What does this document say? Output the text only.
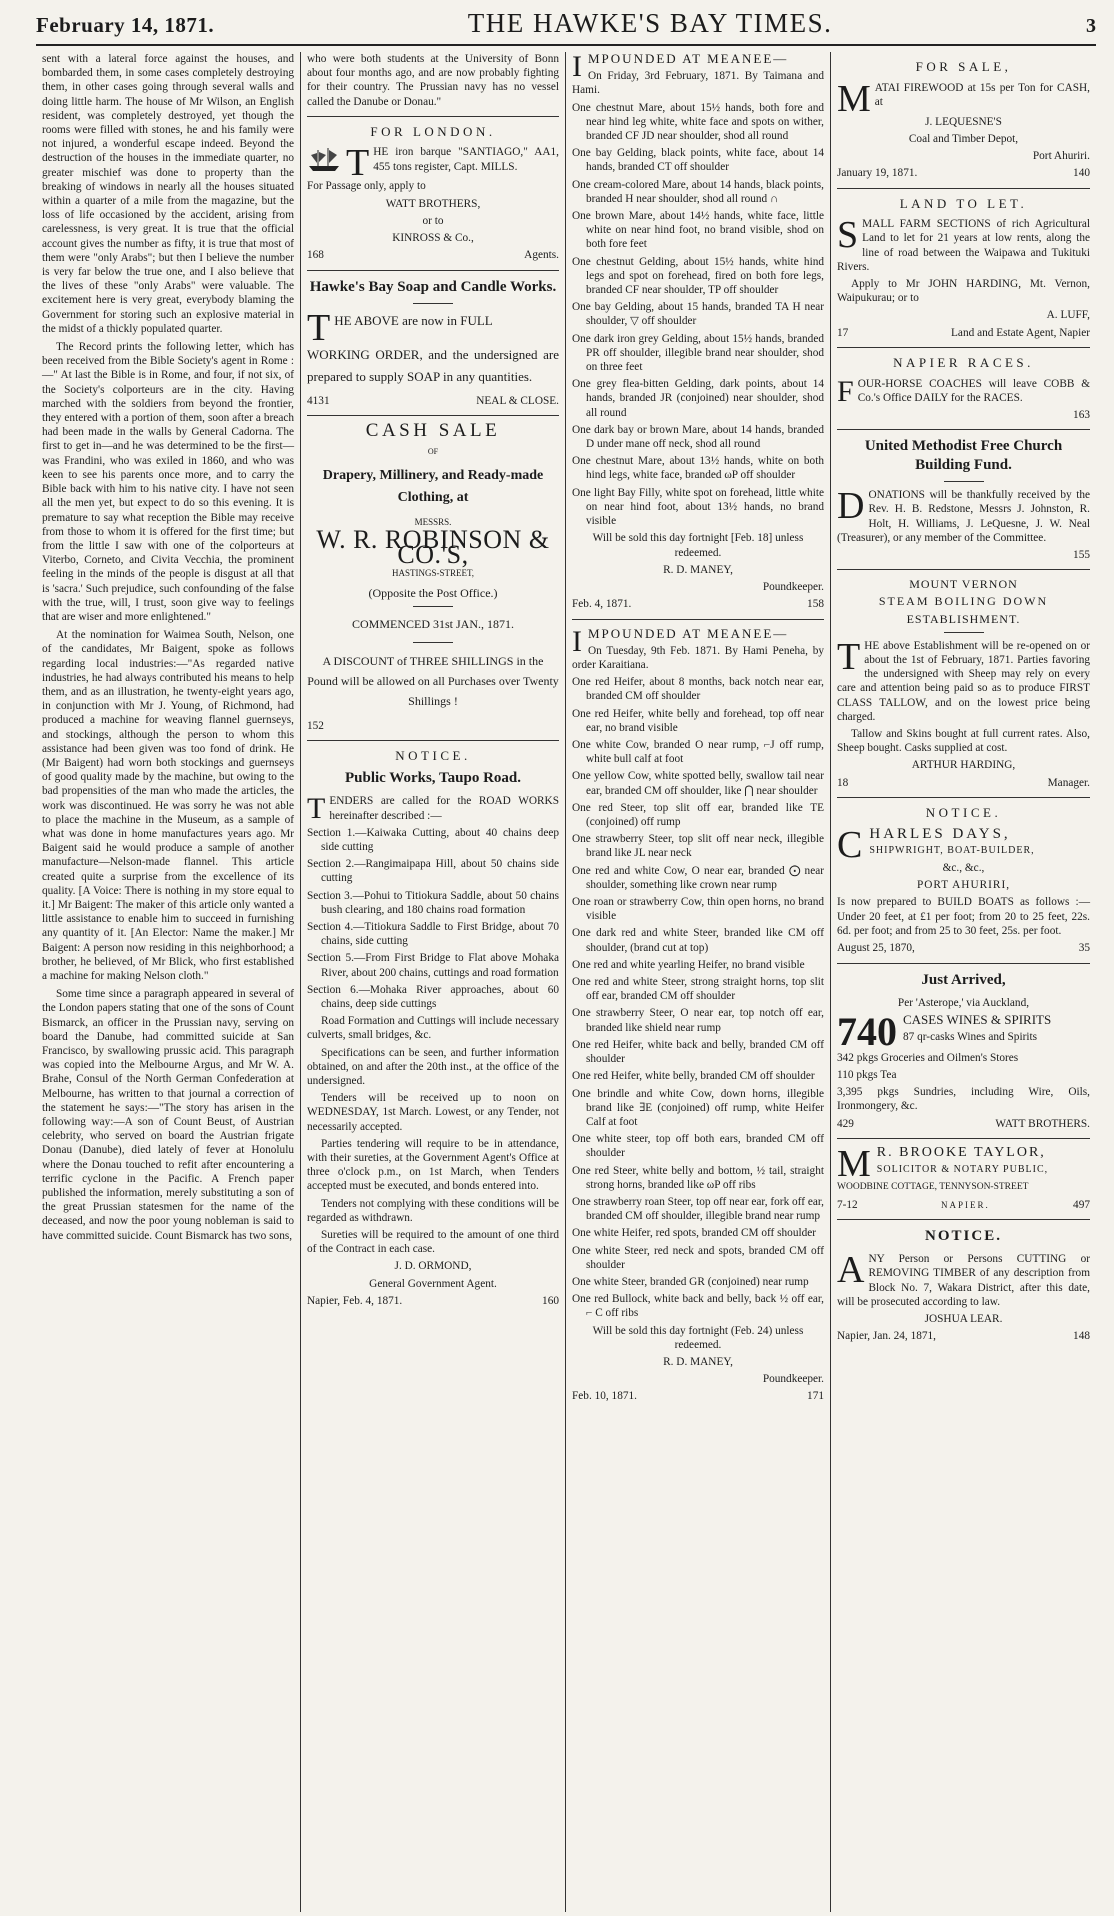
February 14, 1871.	THE HAWKE'S BAY TIMES.	3

sent with a lateral force against the houses, and bombarded them, in some cases completely destroying them, in other cases going through several walls and doing little harm. The house of Mr Wilson, an English resident, was completely destroyed, yet though the rooms were filled with stones, he and his family were not injured, a wonderful escape indeed. Beyond the destruction of the houses in the immediate quarter, no greater mischief was done to property than the breaking of windows in nearly all the houses situated within a quarter of a mile from the magazine, but the loss of life occasioned by the accident, arising from carelessness, is very great. It is true that the official account gives the number as fifty, it is true that most of them were "only Arabs"; but then I believe the number is very far below the true one, and I also believe that the lives of these "only Arabs" were valuable. The excitement here is very great, everybody blaming the Government for storing such an explosive material in the midst of a thickly populated quarter.

The Record prints the following letter, which has been received from the Bible Society's agent in Rome :—" At last the Bible is in Rome, and four, if not six, of the Society's colporteurs are in the city. Having marched with the soldiers from beyond the frontier, they entered with a portion of them, soon after a breach had been made in the walls by General Cadorna. The first to get in—and he was determined to be the first—was Frandini, who was exiled in 1860, and who was keen to see his parents once more, and to carry the Bible back with him to his native city. I have not seen all the men yet, but expect to do so this evening. It is premature to say what reception the Bible may receive from those to whom it is offered for the first time; but from the little I saw with one of the colporteurs at Viterbo, Corneto, and Civita Vecchia, the prominent feeling in the minds of the people is disgust at all that is 'sacra.' Such prejudice, such confounding of the false with the true, will, I trust, soon give way to feelings that are wiser and more enlightened."

At the nomination for Waimea South, Nelson, one of the candidates, Mr Baigent, spoke as follows regarding local industries:—"As regarded native industries, he had always contributed his means to help them, and as an illustration, he twenty-eight years ago, in conjunction with Mr J. Young, of Richmond, had produced a machine for weaving flannel guernseys, and stockings, although the person to whom this assistance had been given was too fond of drink. He (Mr Baigent) had worn both stockings and guernseys of good quality made by the machine, but owing to the bad propensities of the man who made the articles, the work was discontinued. He was sorry he was not able to place the machine in the Museum, as a sample of what was done in home manufactures years ago. Mr Baigent said he would produce a sample of another manufacture—Nelson-made flannel. This article created quite a surprise from the excellence of its quality. [A Voice: There is nothing in my store equal to it.] Mr Baigent: The maker of this article only wanted a little assistance to enable him to succeed in furnishing any quantity of it. [An Elector: Name the maker.] Mr Baigent: A person now residing in this neighborhood; a brother, he believed, of Mr Blick, who first established a machine for making Nelson cloth."

Some time since a paragraph appeared in several of the London papers stating that one of the sons of Count Bismarck, an officer in the Prussian navy, serving on board the Danube, had committed suicide at San Francisco, by swallowing prussic acid. This paragraph was copied into the Melbourne Argus, and Mr W. A. Brahe, Consul of the North German Confederation at Melbourne, has written to that journal a correction of the statement he says:—"The story has arisen in the following way:—A son of Count Beust, of Austrian celebrity, who served on board the Austrian frigate Donau (Danube), died lately of fever at Honolulu where the Donau touched to refit after encountering a terrific cyclone in the Pacific. A French paper published the information, merely substituting a son of the great Prussian statesmen for the name of the deceased, and now the poor young nobleman is said to have committed suicide. Count Bismarck has two sons,

who were both students at the University of Bonn about four months ago, and are now probably fighting for their country. The Prussian navy has no vessel called the Danube or Donau."

FOR LONDON.

THE iron barque "SANTIAGO," AA1, 455 tons register, Capt. MILLS.

For Passage only, apply to

WATT BROTHERS,

or to

KINROSS & Co.,

168	Agents.
Hawke's Bay Soap and Candle Works.

THE ABOVE are now in FULL

WORKING ORDER, and the undersigned are prepared to supply SOAP in any quantities.

4131	NEAL & CLOSE.
CASH SALE

OF

Drapery, Millinery, and Ready-made Clothing, at

MESSRS.

W. R. ROBINSON & CO.'S,

HASTINGS-STREET,

(Opposite the Post Office.)

COMMENCED 31st JAN., 1871.

A DISCOUNT of THREE SHILLINGS in the Pound will be allowed on all Purchases over Twenty Shillings !

152

NOTICE.
Public Works, Taupo Road.

TENDERS are called for the ROAD WORKS hereinafter described :—

Section 1.—Kaiwaka Cutting, about 40 chains deep side cutting

Section 2.—Rangimaipapa Hill, about 50 chains side cutting

Section 3.—Pohui to Titiokura Saddle, about 50 chains bush clearing, and 180 chains road formation

Section 4.—Titiokura Saddle to First Bridge, about 70 chains, side cutting

Section 5.—From First Bridge to Flat above Mohaka River, about 200 chains, cuttings and road formation

Section 6.—Mohaka River approaches, about 60 chains, deep side cuttings

Road Formation and Cuttings will include necessary culverts, small bridges, &c.

Specifications can be seen, and further information obtained, on and after the 20th inst., at the office of the undersigned.

Tenders will be received up to noon on WEDNESDAY, 1st March. Lowest, or any Tender, not necessarily accepted.

Parties tendering will require to be in attendance, with their sureties, at the Government Agent's Office at three o'clock p.m., on 1st March, when Tenders accepted must be executed, and bonds entered into.

Tenders not complying with these conditions will be regarded as withdrawn.

Sureties will be required to the amount of one third of the Contract in each case.

J. D. ORMOND,

General Government Agent.

Napier, Feb. 4, 1871.	160

IMPOUNDED AT MEANEE—

On Friday, 3rd February, 1871. By Taimana and Hami.

One chestnut Mare, about 15½ hands, both fore and near hind leg white, white face and spots on wither, branded CF JD near shoulder, shod all round

One bay Gelding, black points, white face, about 14 hands, branded CT off shoulder

One cream-colored Mare, about 14 hands, black points, branded H near shoulder, shod all round ∩

One brown Mare, about 14½ hands, white face, little white on near hind foot, no brand visible, shod on both fore feet

One chestnut Gelding, about 15½ hands, white hind legs and spot on forehead, fired on both fore legs, branded CF near shoulder, TP off shoulder

One bay Gelding, about 15 hands, branded TA H near shoulder, ▽ off shoulder

One dark iron grey Gelding, about 15½ hands, branded PR off shoulder, illegible brand near shoulder, shod on three feet

One grey flea-bitten Gelding, dark points, about 14 hands, branded JR (conjoined) near shoulder, shod all round

One dark bay or brown Mare, about 14 hands, branded D under mane off neck, shod all round

One chestnut Mare, about 13½ hands, white on both hind legs, white face, branded ωP off shoulder

One light Bay Filly, white spot on forehead, little white on near hind foot, about 13½ hands, no brand visible

Will be sold this day fortnight [Feb. 18] unless redeemed.

R. D. MANEY,

Poundkeeper.

Feb. 4, 1871.	158

IMPOUNDED AT MEANEE—

On Tuesday, 9th Feb. 1871. By Hami Peneha, by order Karaitiana.

One red Heifer, about 8 months, back notch near ear, branded CM off shoulder

One red Heifer, white belly and forehead, top off near ear, no brand visible

One white Cow, branded O near rump, ⌐J off rump, white bull calf at foot

One yellow Cow, white spotted belly, swallow tail near ear, branded CM off shoulder, like ⋂ near shoulder

One red Steer, top slit off ear, branded like TE (conjoined) off rump

One strawberry Steer, top slit off near neck, illegible brand like JL near neck

One red and white Cow, O near ear, branded ⨀ near shoulder, something like crown near rump

One roan or strawberry Cow, thin open horns, no brand visible

One dark red and white Steer, branded like CM off shoulder, (brand cut at top)

One red and white yearling Heifer, no brand visible

One red and white Steer, strong straight horns, top slit off ear, branded CM off shoulder

One strawberry Steer, O near ear, top notch off ear, branded like shield near rump

One red Heifer, white back and belly, branded CM off shoulder

One red Heifer, white belly, branded CM off shoulder

One brindle and white Cow, down horns, illegible brand like ∃E (conjoined) off rump, white Heifer Calf at foot

One white steer, top off both ears, branded CM off shoulder

One red Steer, white belly and bottom, ½ tail, straight strong horns, branded like ωP off ribs

One strawberry roan Steer, top off near ear, fork off ear, branded CM off shoulder, illegible brand near rump

One white Heifer, red spots, branded CM off shoulder

One white Steer, red neck and spots, branded CM off shoulder

One white Steer, branded GR (conjoined) near rump

One red Bullock, white back and belly, back ½ off ear, ⌐ C off ribs

Will be sold this day fortnight (Feb. 24) unless redeemed.

R. D. MANEY,

Poundkeeper.

Feb. 10, 1871.	171
FOR SALE,

MATAI FIREWOOD at 15s per Ton for CASH, at

J. LEQUESNE'S

Coal and Timber Depot,

Port Ahuriri.

January 19, 1871.	140
LAND TO LET.

SMALL FARM SECTIONS of rich Agricultural Land to let for 21 years at low rents, along the line of road between the Waipawa and Tukituki Rivers.

Apply to Mr JOHN HARDING, Mt. Vernon, Waipukurau; or to

A. LUFF,

17	Land and Estate Agent, Napier
NAPIER RACES.

FOUR-HORSE COACHES will leave COBB & Co.'s Office DAILY for the RACES.

163

United Methodist Free Church Building Fund.

DONATIONS will be thankfully received by the Rev. H. B. Redstone, Messrs J. Johnston, R. Holt, H. Williams, J. LeQuesne, J. W. Neal (Treasurer), or any member of the Committee.

155

MOUNT VERNON

STEAM BOILING DOWN

ESTABLISHMENT.

THE above Establishment will be re-opened on or about the 1st of February, 1871. Parties favoring the undersigned with Sheep may rely on every care and attention being paid so as to produce FIRST CLASS TALLOW, and on the lowest price being charged.

Tallow and Skins bought at full current rates. Also, Sheep bought. Casks supplied at cost.

ARTHUR HARDING,

18	Manager.
NOTICE.

CHARLES DAYS,

SHIPWRIGHT, BOAT-BUILDER,

&c., &c.,

PORT AHURIRI,

Is now prepared to BUILD BOATS as follows :—Under 20 feet, at £1 per foot; from 20 to 25 feet, 22s. 6d. per foot; and from 25 to 30 feet, 25s. per foot.

August 25, 1870,	35
Just Arrived,

Per 'Asterope,' via Auckland,

740 CASES WINES & SPIRITS

87 qr-casks Wines and Spirits

342 pkgs Groceries and Oilmen's Stores

110 pkgs Tea

3,395 pkgs Sundries, including Wire, Oils, Ironmongery, &c.

429	WATT BROTHERS.

M R. BROOKE TAYLOR,

SOLICITOR & NOTARY PUBLIC,

WOODBINE COTTAGE, TENNYSON-STREET

7-12	NAPIER.	497
NOTICE.

ANY Person or Persons CUTTING or REMOVING TIMBER of any description from Block No. 7, Wakara District, after this date, will be prosecuted according to law.

JOSHUA LEAR.

Napier, Jan. 24, 1871,	148
